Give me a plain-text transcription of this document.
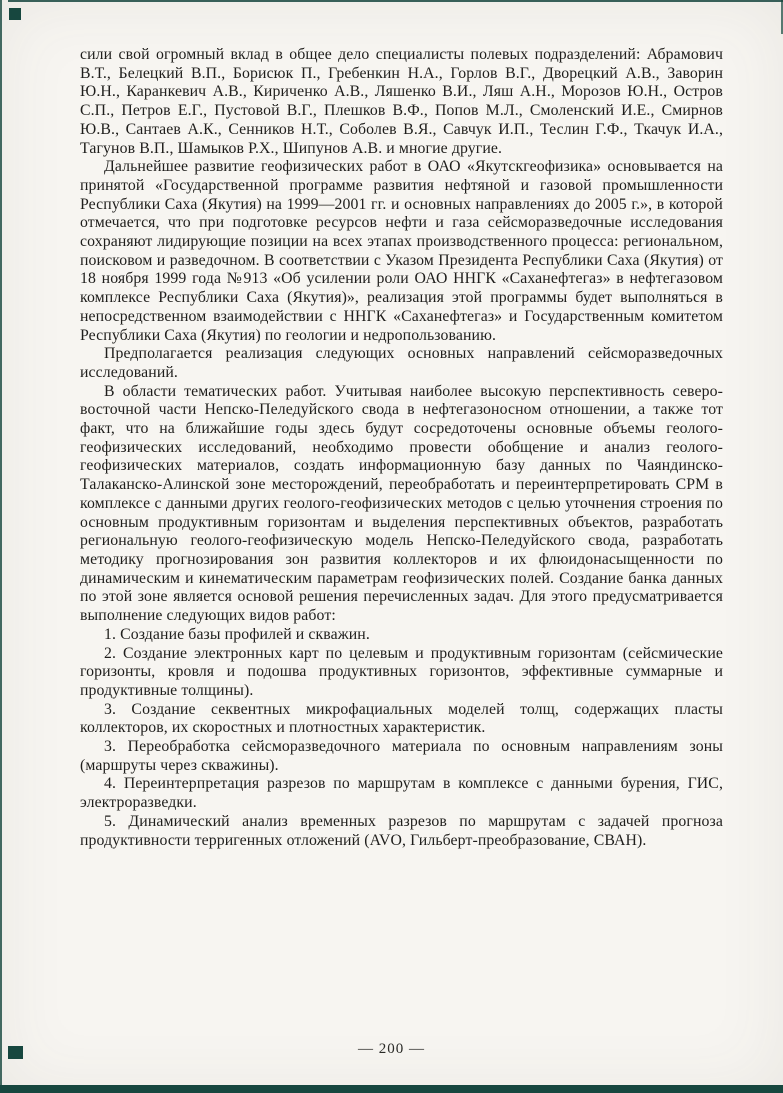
сили свой огромный вклад в общее дело специалисты полевых подразделений: Абрамович В.Т., Белецкий В.П., Борисюк П., Гребенкин Н.А., Горлов В.Г., Дворецкий А.В., Заворин Ю.Н., Каранкевич А.В., Кириченко А.В., Ляшенко В.И., Ляш А.Н., Морозов Ю.Н., Остров С.П., Петров Е.Г., Пустовой В.Г., Плешков В.Ф., Попов М.Л., Смоленский И.Е., Смирнов Ю.В., Сантаев А.К., Сенников Н.Т., Соболев В.Я., Савчук И.П., Теслин Г.Ф., Ткачук И.А., Тагунов В.П., Шамыков Р.Х., Шипунов А.В. и многие другие.

Дальнейшее развитие геофизических работ в ОАО «Якутскгеофизика» основывается на принятой «Государственной программе развития нефтяной и газовой промышленности Республики Саха (Якутия) на 1999—2001 гг. и основных направлениях до 2005 г.», в которой отмечается, что при подготовке ресурсов нефти и газа сейсморазведочные исследования сохраняют лидирующие позиции на всех этапах производственного процесса: региональном, поисковом и разведочном. В соответствии с Указом Президента Республики Саха (Якутия) от 18 ноября 1999 года №913 «Об усилении роли ОАО ННГК «Саханефтегаз» в нефтегазовом комплексе Республики Саха (Якутия)», реализация этой программы будет выполняться в непосредственном взаимодействии с ННГК «Саханефтегаз» и Государственным комитетом Республики Саха (Якутия) по геологии и недропользованию.

Предполагается реализация следующих основных направлений сейсморазведочных исследований.

В области тематических работ. Учитывая наиболее высокую перспективность северо-восточной части Непско-Пеледуйского свода в нефтегазоносном отношении, а также тот факт, что на ближайшие годы здесь будут сосредоточены основные объемы геолого-геофизических исследований, необходимо провести обобщение и анализ геолого-геофизических материалов, создать информационную базу данных по Чаяндинско-Талаканско-Алинской зоне месторождений, переобработать и переинтерпретировать СРМ в комплексе с данными других геолого-геофизических методов с целью уточнения строения по основным продуктивным горизонтам и выделения перспективных объектов, разработать региональную геолого-геофизическую модель Непско-Пеледуйского свода, разработать методику прогнозирования зон развития коллекторов и их флюидонасыщенности по динамическим и кинематическим параметрам геофизических полей. Создание банка данных по этой зоне является основой решения перечисленных задач. Для этого предусматривается выполнение следующих видов работ:

1. Создание базы профилей и скважин.

2. Создание электронных карт по целевым и продуктивным горизонтам (сейсмические горизонты, кровля и подошва продуктивных горизонтов, эффективные суммарные и продуктивные толщины).

3. Создание секвентных микрофациальных моделей толщ, содержащих пласты коллекторов, их скоростных и плотностных характеристик.

3. Переобработка сейсморазведочного материала по основным направлениям зоны (маршруты через скважины).

4. Переинтерпретация разрезов по маршрутам в комплексе с данными бурения, ГИС, электроразведки.

5. Динамический анализ временных разрезов по маршрутам с задачей прогноза продуктивности терригенных отложений (AVO, Гильберт-преобразование, СВАН).

— 200 —
